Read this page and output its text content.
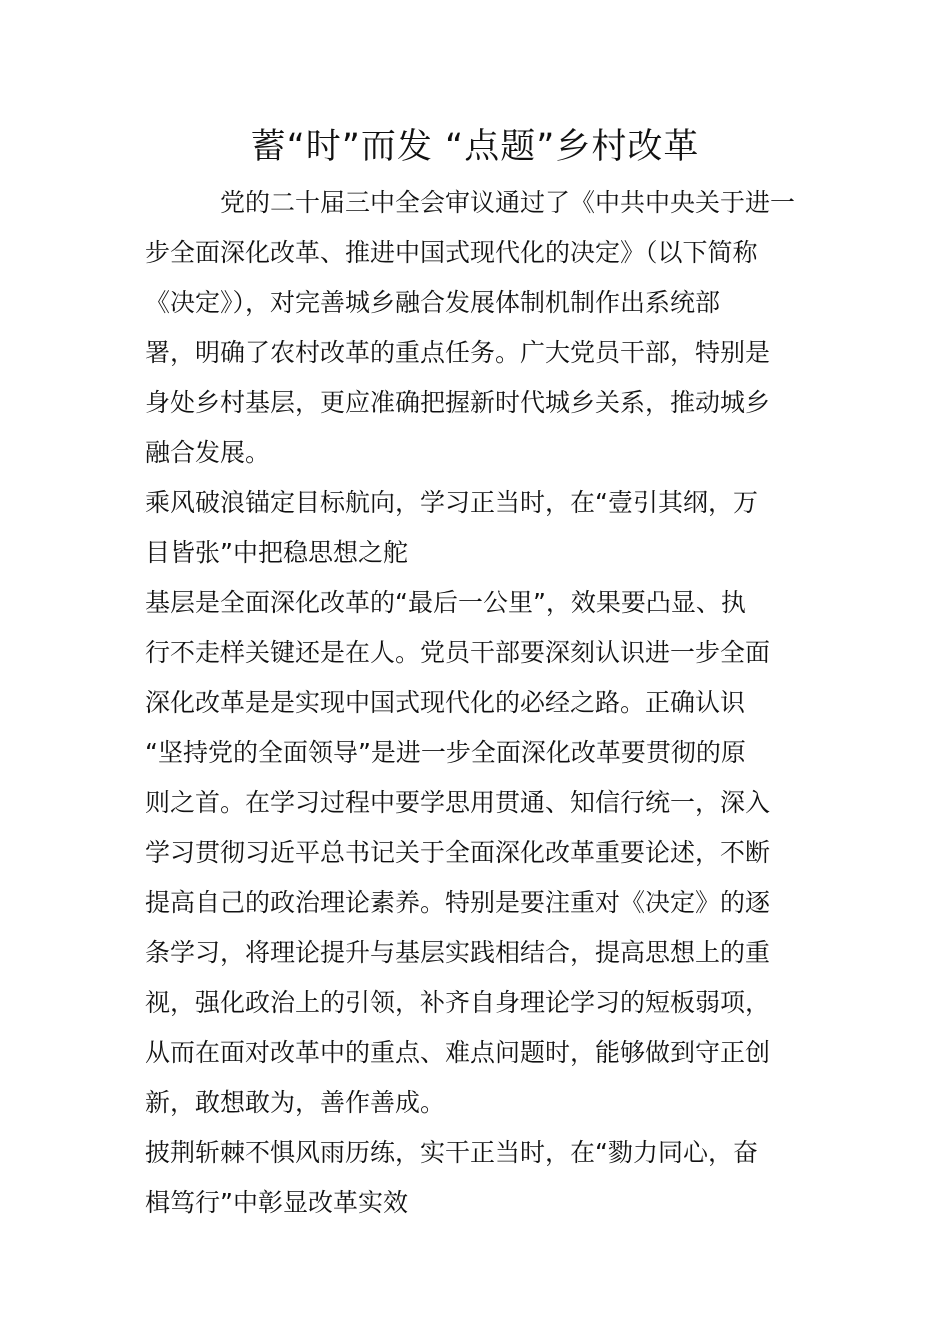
蓄“时”而发 “点题”乡村改革
　　　党的二十届三中全会审议通过了《中共中央关于进一
步全面深化改革、推进中国式现代化的决定》（以下简称
《决定》），对完善城乡融合发展体制机制作出系统部
署，明确了农村改革的重点任务。广大党员干部，特别是
身处乡村基层，更应准确把握新时代城乡关系，推动城乡
融合发展。
乘风破浪锚定目标航向，学习正当时，在“壹引其纲，万
目皆张”中把稳思想之舵
基层是全面深化改革的“最后一公里”，效果要凸显、执
行不走样关键还是在人。党员干部要深刻认识进一步全面
深化改革是是实现中国式现代化的必经之路。正确认识
“坚持党的全面领导”是进一步全面深化改革要贯彻的原
则之首。在学习过程中要学思用贯通、知信行统一，深入
学习贯彻习近平总书记关于全面深化改革重要论述，不断
提高自己的政治理论素养。特别是要注重对《决定》的逐
条学习，将理论提升与基层实践相结合，提高思想上的重
视，强化政治上的引领，补齐自身理论学习的短板弱项，
从而在面对改革中的重点、难点问题时，能够做到守正创
新，敢想敢为，善作善成。
披荆斩棘不惧风雨历练，实干正当时，在“勠力同心，奋
楫笃行”中彰显改革实效
